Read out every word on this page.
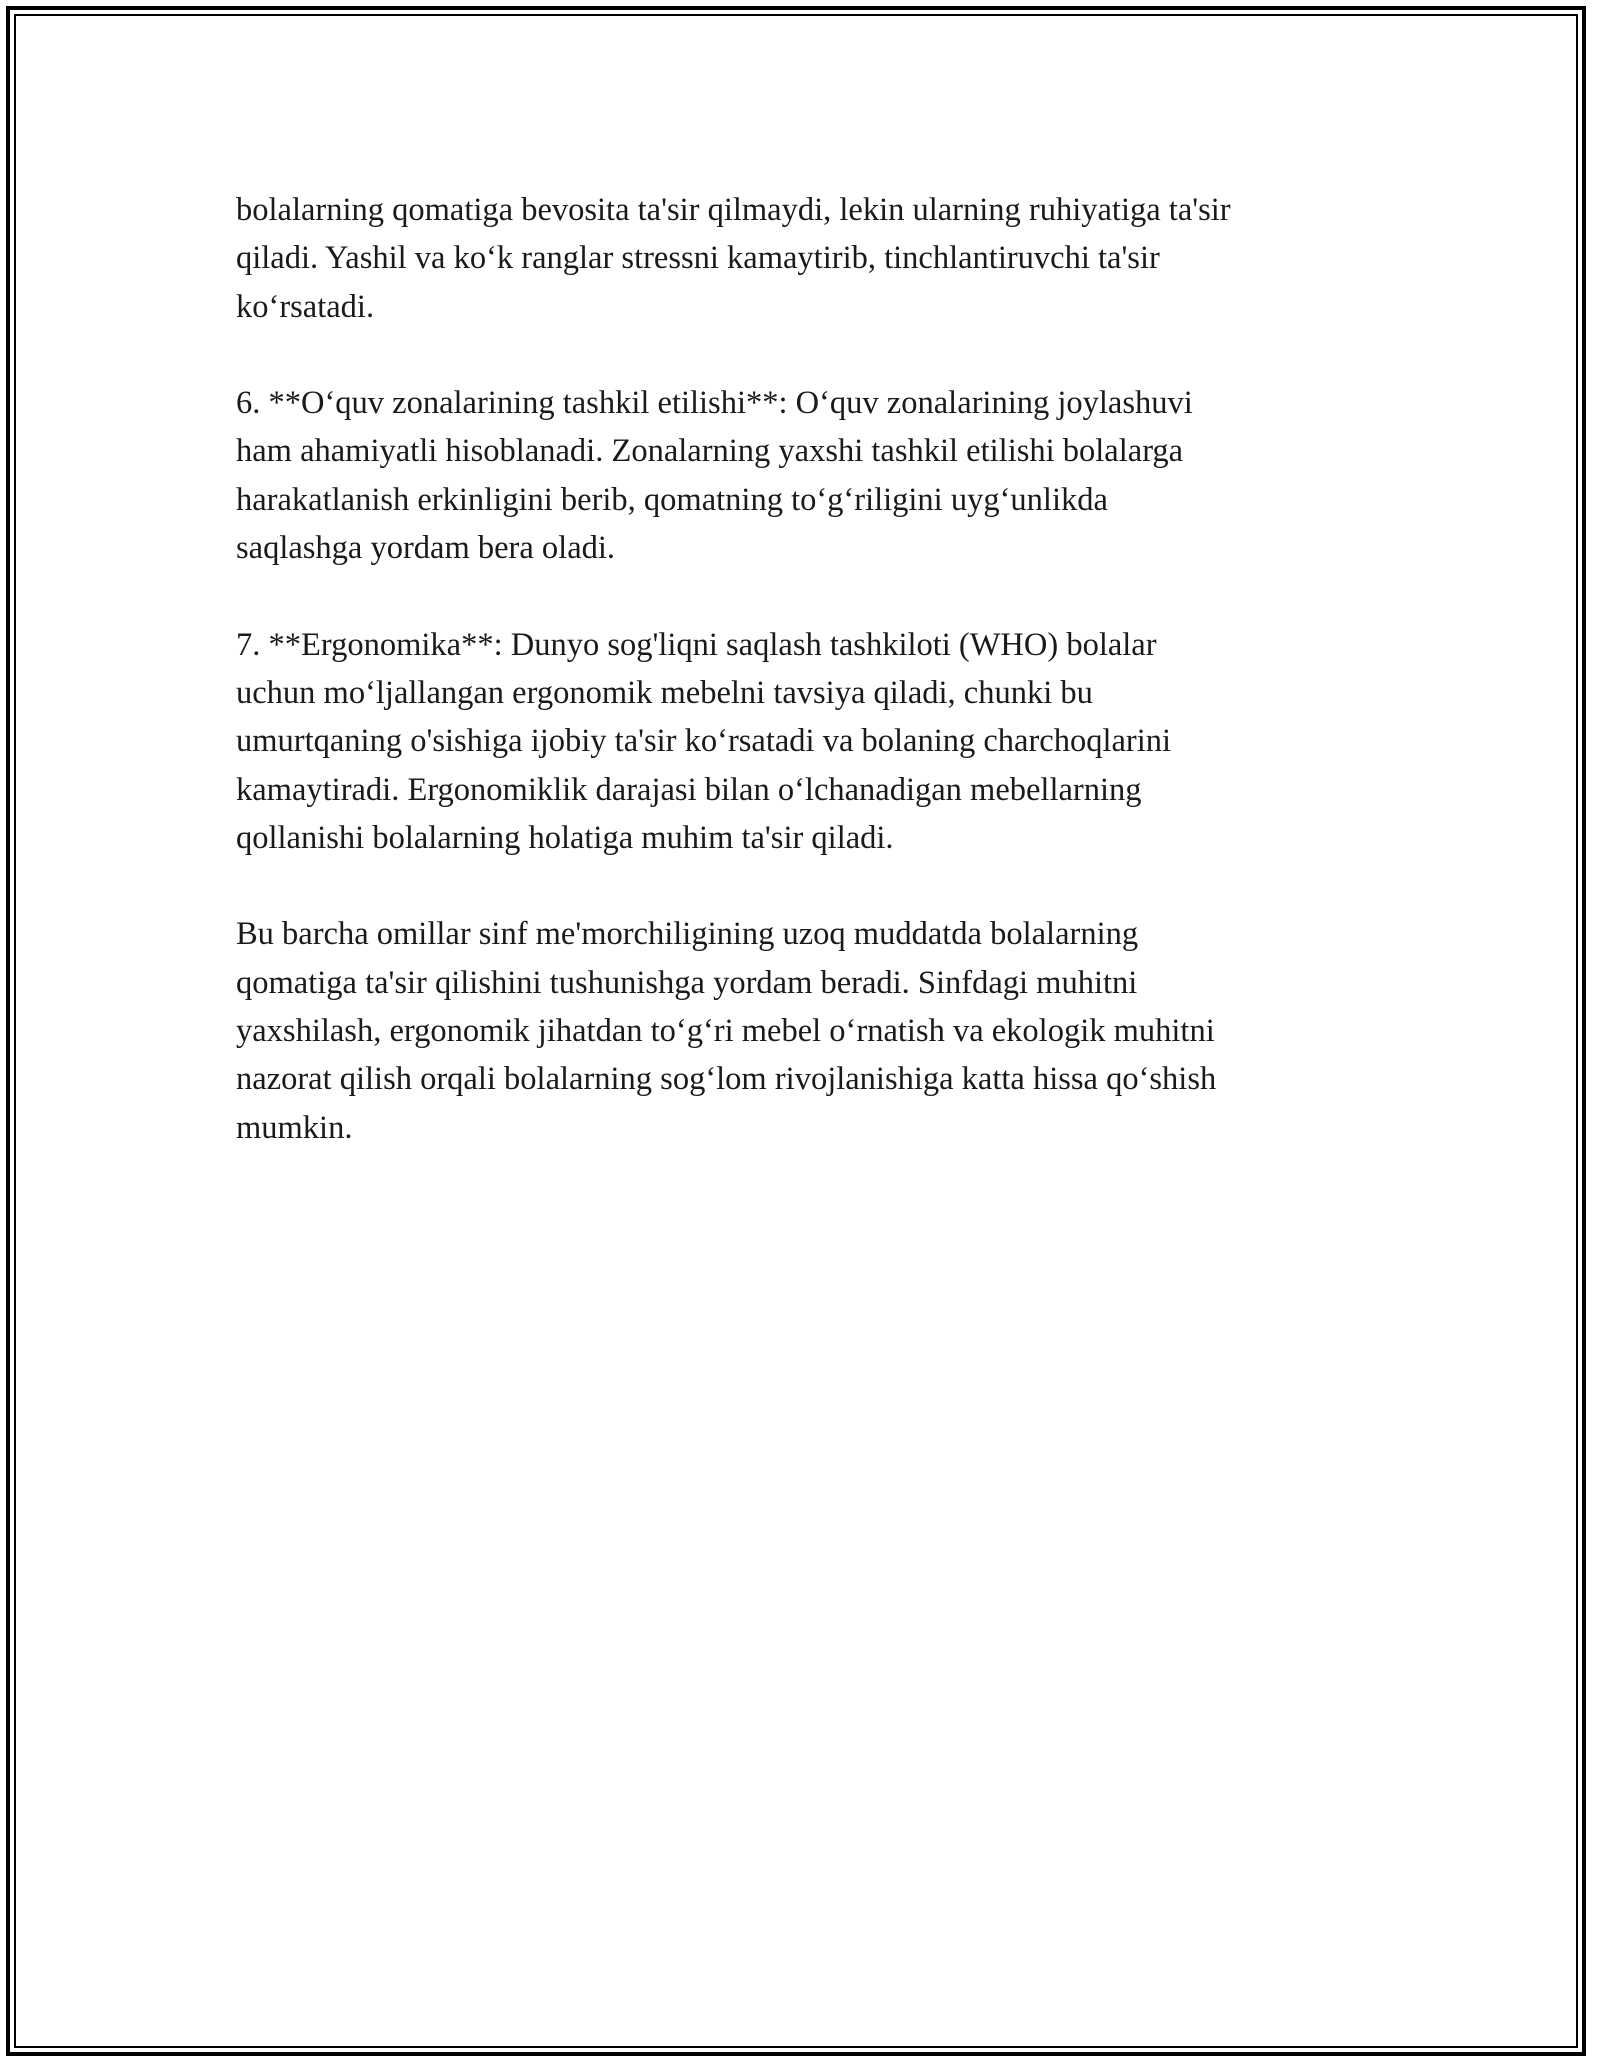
bolalarning qomatiga bevosita ta'sir qilmaydi, lekin ularning ruhiyatiga ta'sir
qiladi. Yashil va ko‘k ranglar stressni kamaytirib, tinchlantiruvchi ta'sir
ko‘rsatadi.

6. **O‘quv zonalarining tashkil etilishi**: O‘quv zonalarining joylashuvi
ham ahamiyatli hisoblanadi. Zonalarning yaxshi tashkil etilishi bolalarga
harakatlanish erkinligini berib, qomatning to‘g‘riligini uyg‘unlikda
saqlashga yordam bera oladi.

7. **Ergonomika**: Dunyo sog'liqni saqlash tashkiloti (WHO) bolalar
uchun mo‘ljallangan ergonomik mebelni tavsiya qiladi, chunki bu
umurtqaning o'sishiga ijobiy ta'sir ko‘rsatadi va bolaning charchoqlarini
kamaytiradi. Ergonomiklik darajasi bilan o‘lchanadigan mebellarning
qollanishi bolalarning holatiga muhim ta'sir qiladi.

Bu barcha omillar sinf me'morchiligining uzoq muddatda bolalarning
qomatiga ta'sir qilishini tushunishga yordam beradi. Sinfdagi muhitni
yaxshilash, ergonomik jihatdan to‘g‘ri mebel o‘rnatish va ekologik muhitni
nazorat qilish orqali bolalarning sog‘lom rivojlanishiga katta hissa qo‘shish
mumkin.
